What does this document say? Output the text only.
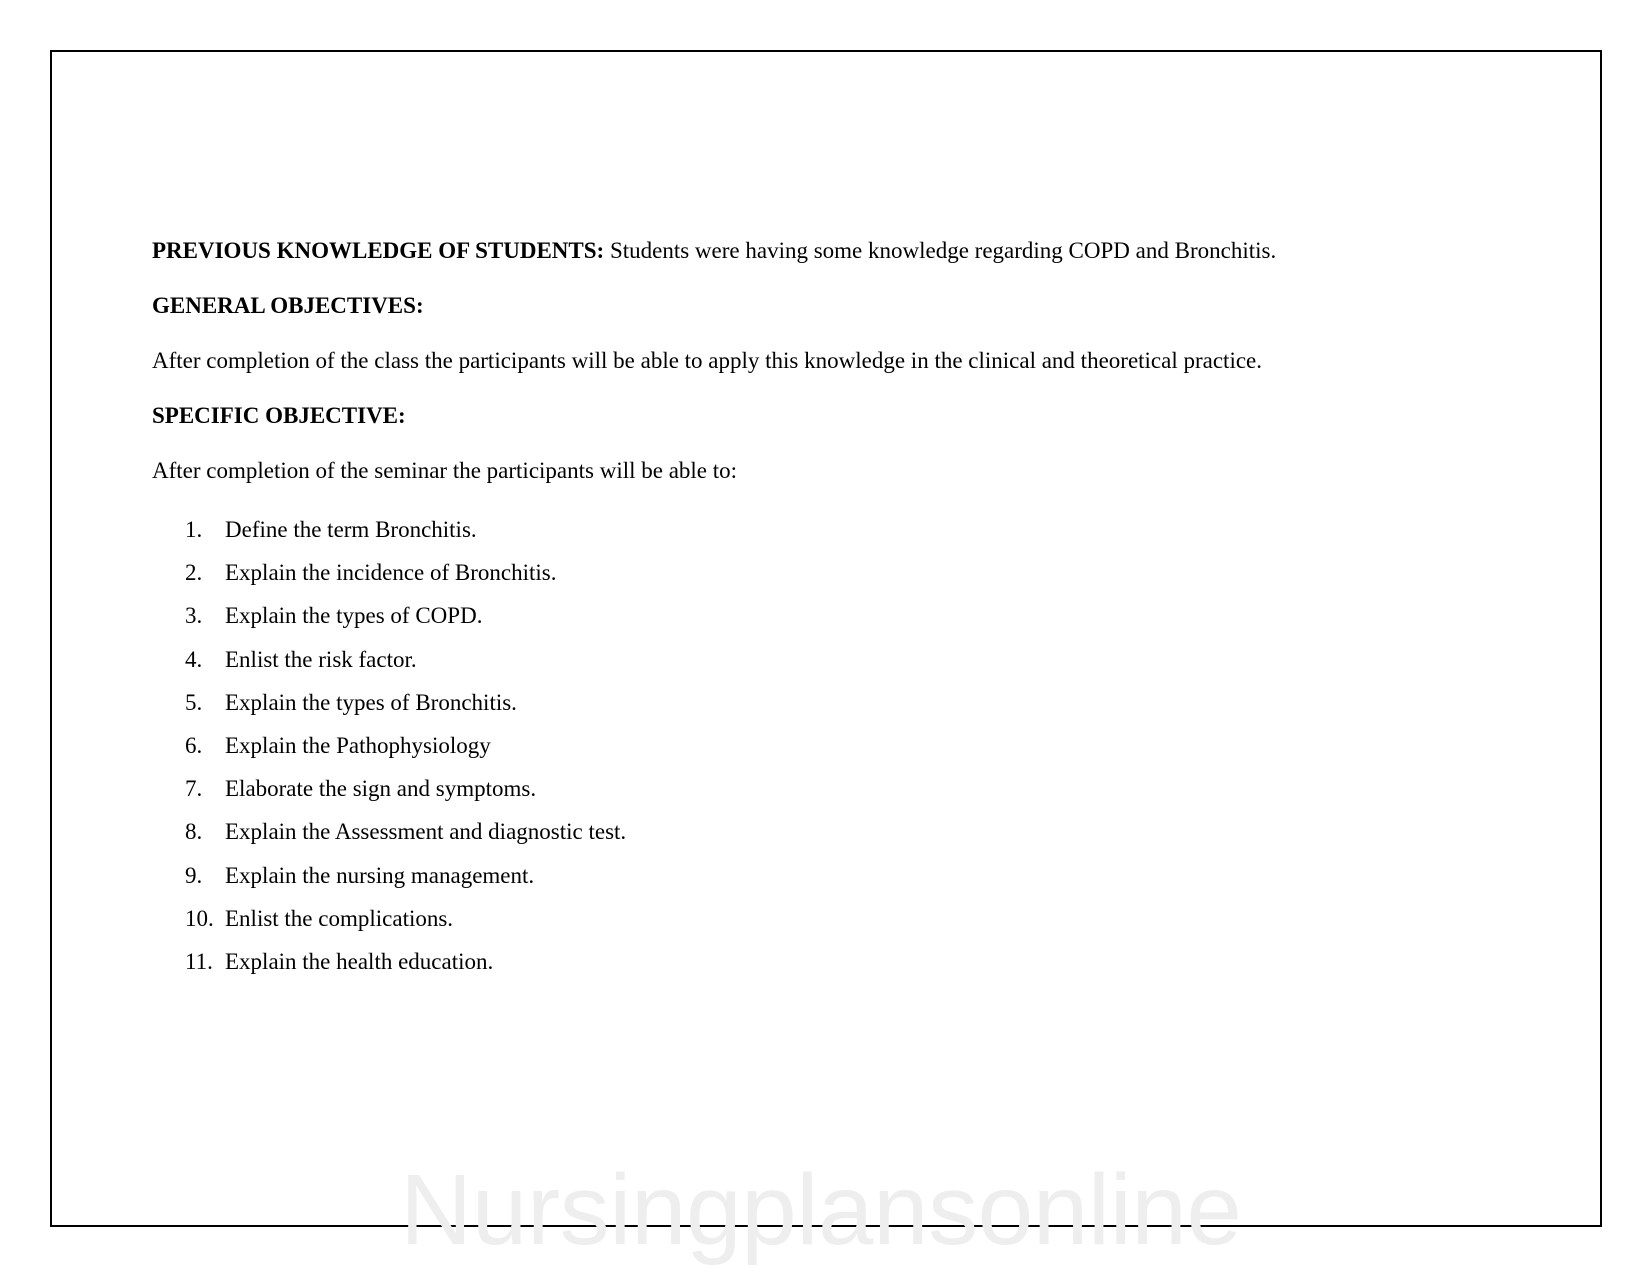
PREVIOUS KNOWLEDGE OF STUDENTS: Students were having some knowledge regarding COPD and Bronchitis.
GENERAL OBJECTIVES:
After completion of the class the participants will be able to apply this knowledge in the clinical and theoretical practice.
SPECIFIC OBJECTIVE:
After completion of the seminar the participants will be able to:
1. Define the term Bronchitis.
2. Explain the incidence of Bronchitis.
3. Explain the types of COPD.
4. Enlist the risk factor.
5. Explain the types of Bronchitis.
6. Explain the Pathophysiology
7. Elaborate the sign and symptoms.
8. Explain the Assessment and diagnostic test.
9. Explain the nursing management.
10. Enlist the complications.
11. Explain the health education.
Nursingplansonline
